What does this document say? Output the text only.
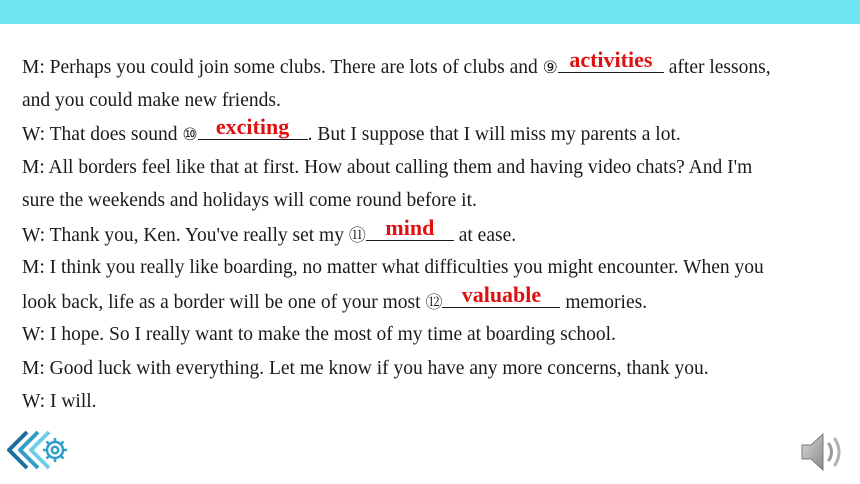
M: Perhaps you could join some clubs. There are lots of clubs and ⑨ activities after lessons,
and you could make new friends.
W: That does sound ⑩ exciting . But I suppose that I will miss my parents a lot.
M: All borders feel like that at first. How about calling them and having video chats? And I'm
sure the weekends and holidays will come round before it.
W: Thank you, Ken. You've really set my ⑪ mind	at ease.
M: I think you really like boarding, no matter what difficulties you might encounter. When you
look back, life as a border will be one of your most ⑫ valuable memories.
W: I hope. So I really want to make the most of my time at boarding school.
M: Good luck with everything. Let me know if you have any more concerns, thank you.
W: I will.
